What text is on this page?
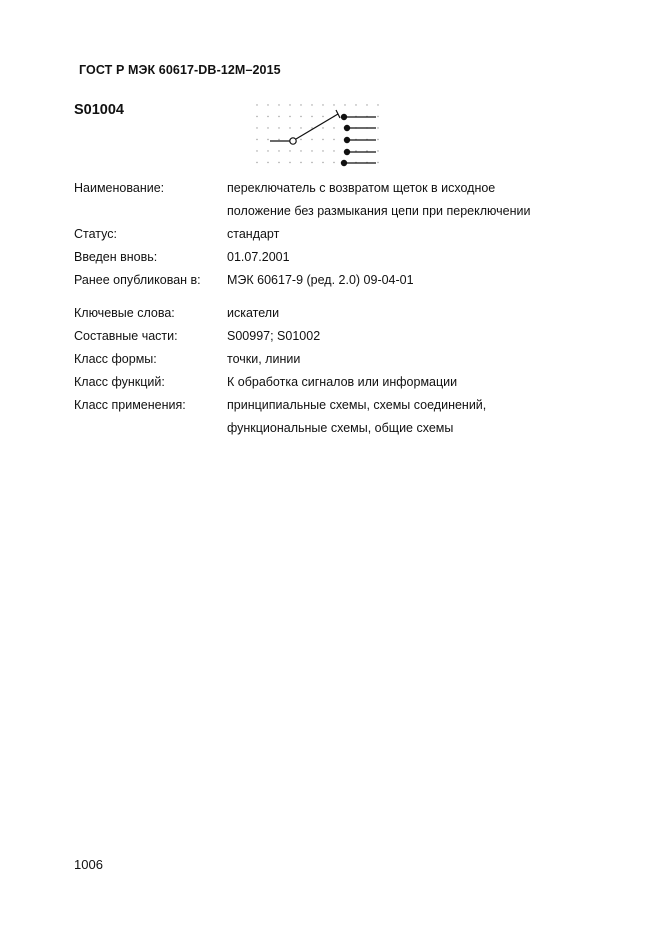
ГОСТ Р МЭК 60617-DB-12M–2015
S01004
Наименование:	переключатель с возвратом щеток в исходное
положение без размыкания цепи при переключении
Статус:	стандарт
Введен вновь:	01.07.2001
Ранее опубликован в: МЭК 60617-9 (ред. 2.0) 09-04-01
Ключевые слова:	искатели
Составные части:	S00997; S01002
Класс формы:	точки, линии
Класс функций:	К обработка сигналов или информации
Класс применения:	принципиальные схемы, схемы соединений,
функциональные схемы, общие схемы
1006
